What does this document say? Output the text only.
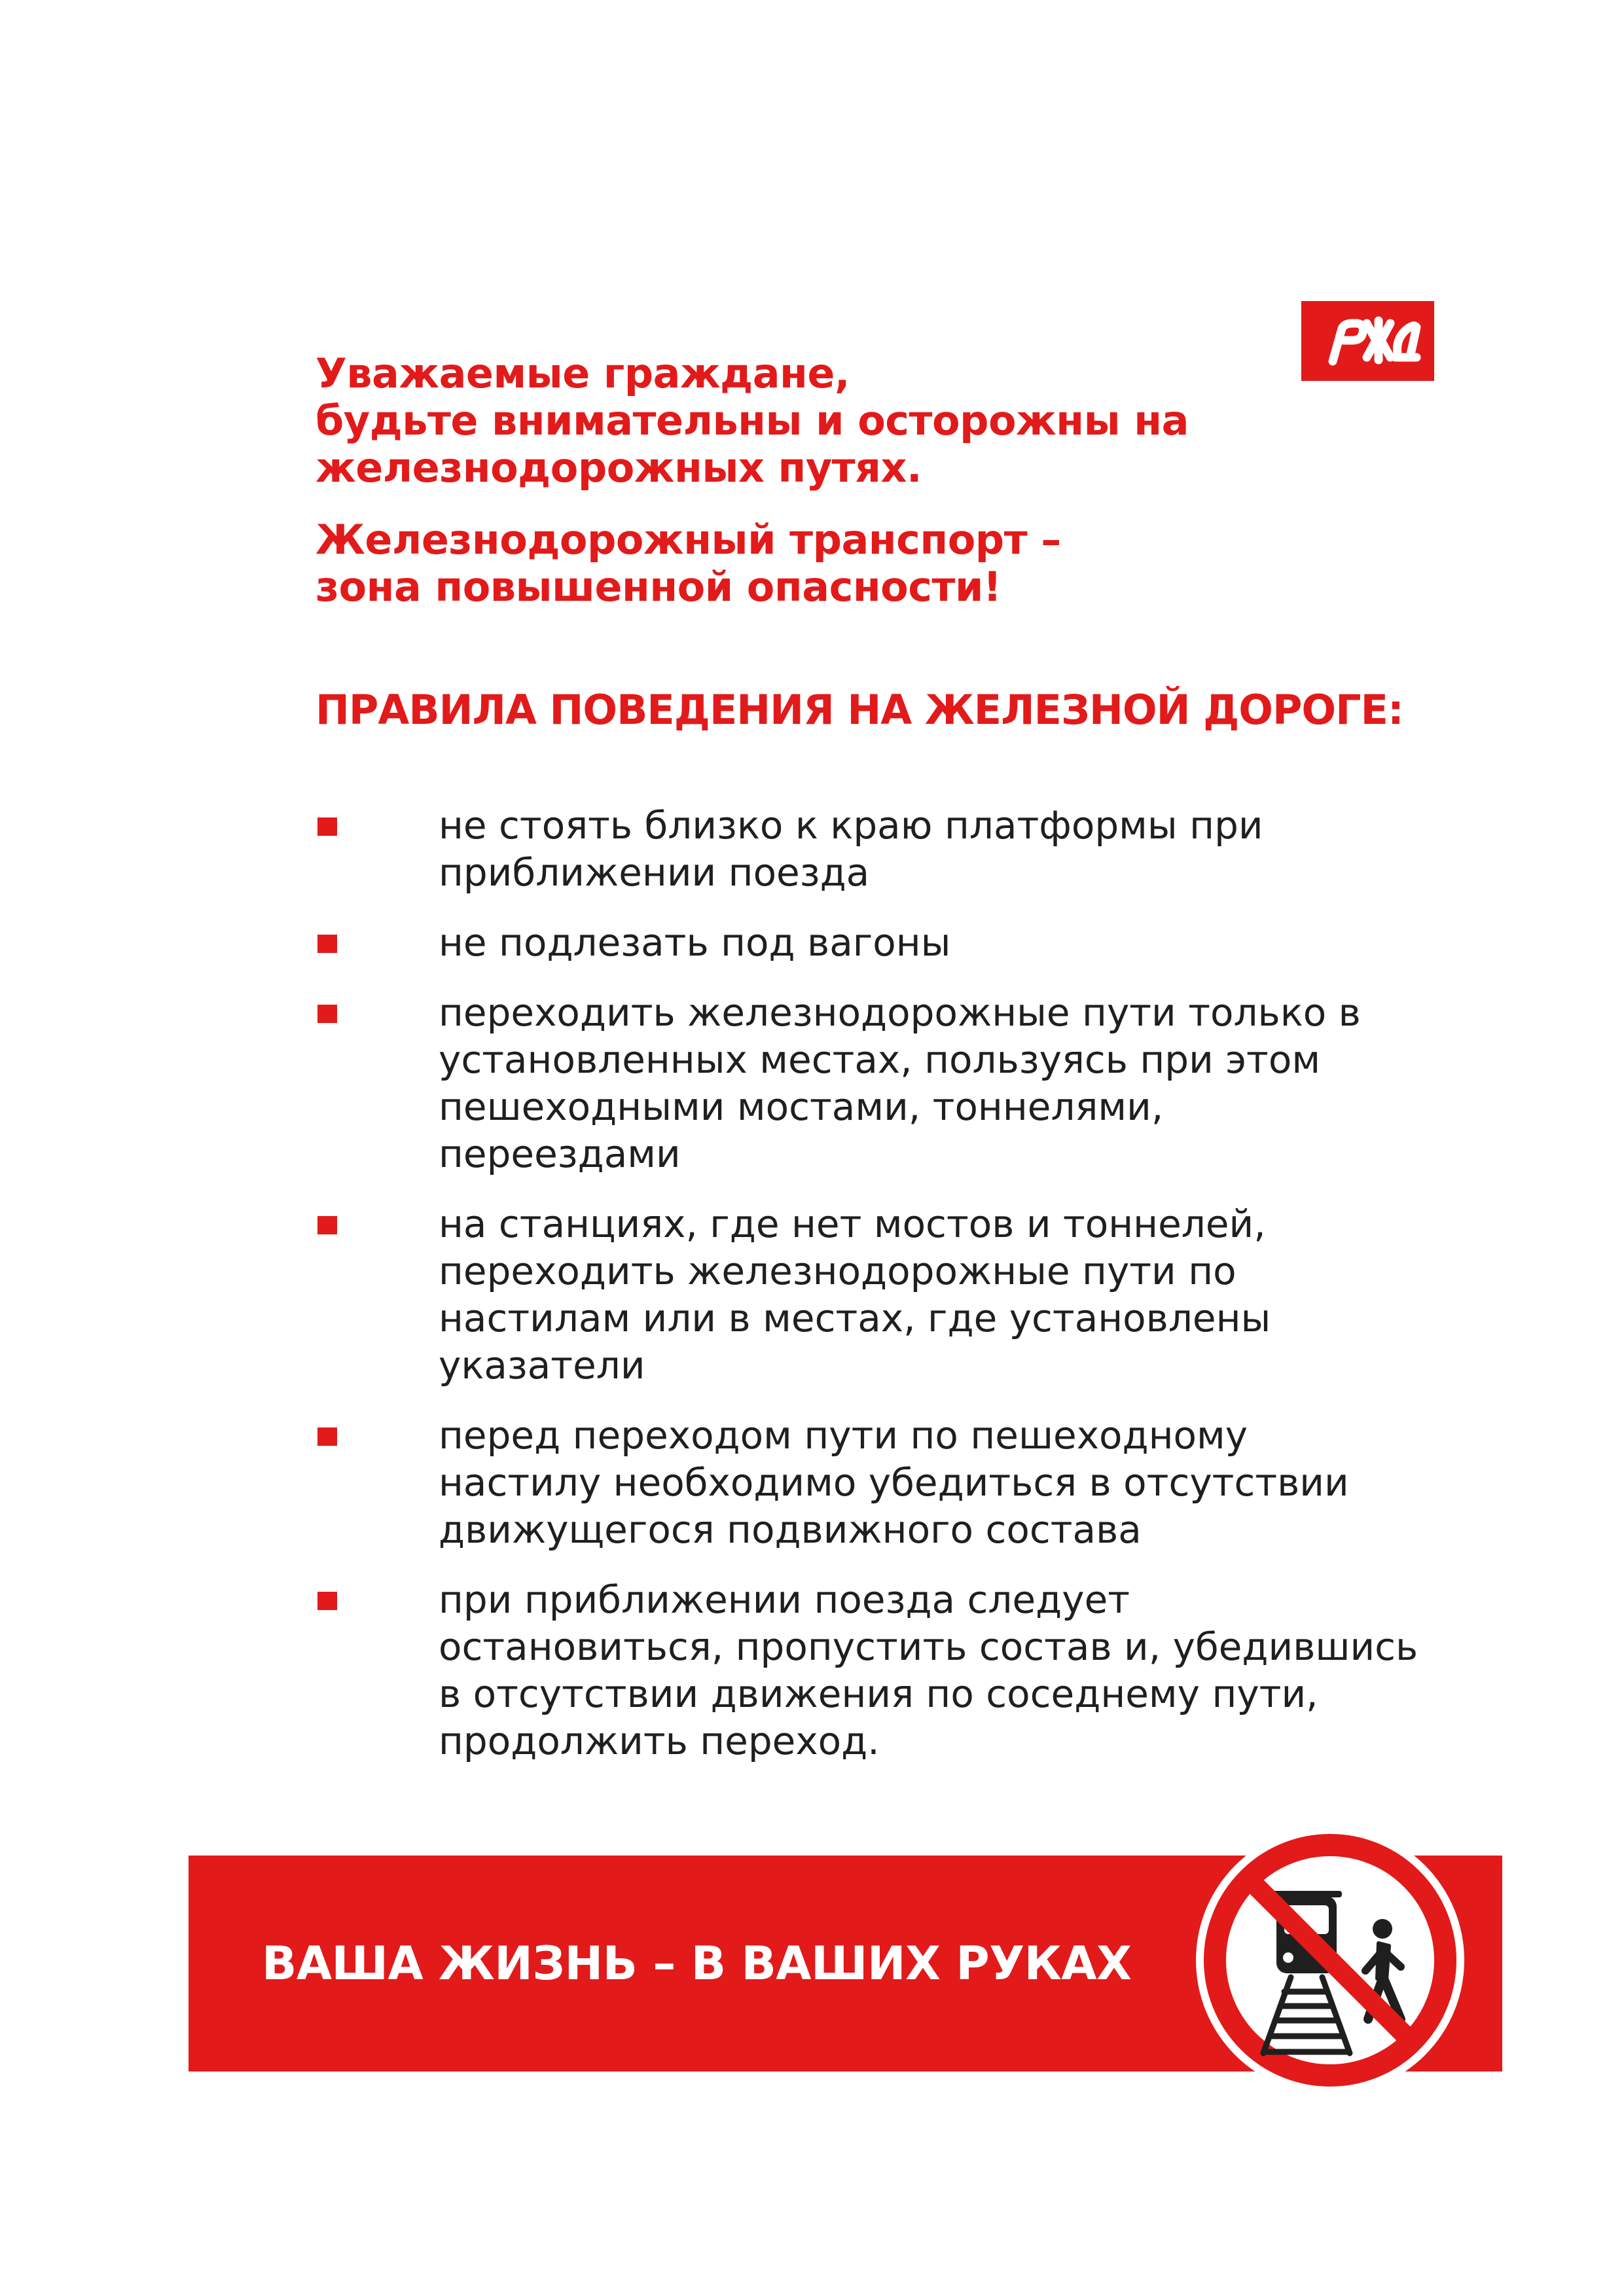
Уважаемые граждане,
будьте внимательны и осторожны на
железнодорожных путях.

Железнодорожный транспорт –
зона повышенной опасности!

ПРАВИЛА ПОВЕДЕНИЯ НА ЖЕЛЕЗНОЙ ДОРОГЕ:
не стоять близко к краю платформы при
приближении поезда
не подлезать под вагоны
переходить железнодорожные пути только в
установленных местах, пользуясь при этом
пешеходными мостами, тоннелями,
переездами
на станциях, где нет мостов и тоннелей,
переходить железнодорожные пути по
настилам или в местах, где установлены
указатели
перед переходом пути по пешеходному
настилу необходимо убедиться в отсутствии
движущегося подвижного состава
при приближении поезда следует
остановиться, пропустить состав и, убедившись
в отсутствии движения по соседнему пути,
продолжить переход.
ВАША ЖИЗНЬ – В ВАШИХ РУКАХ
